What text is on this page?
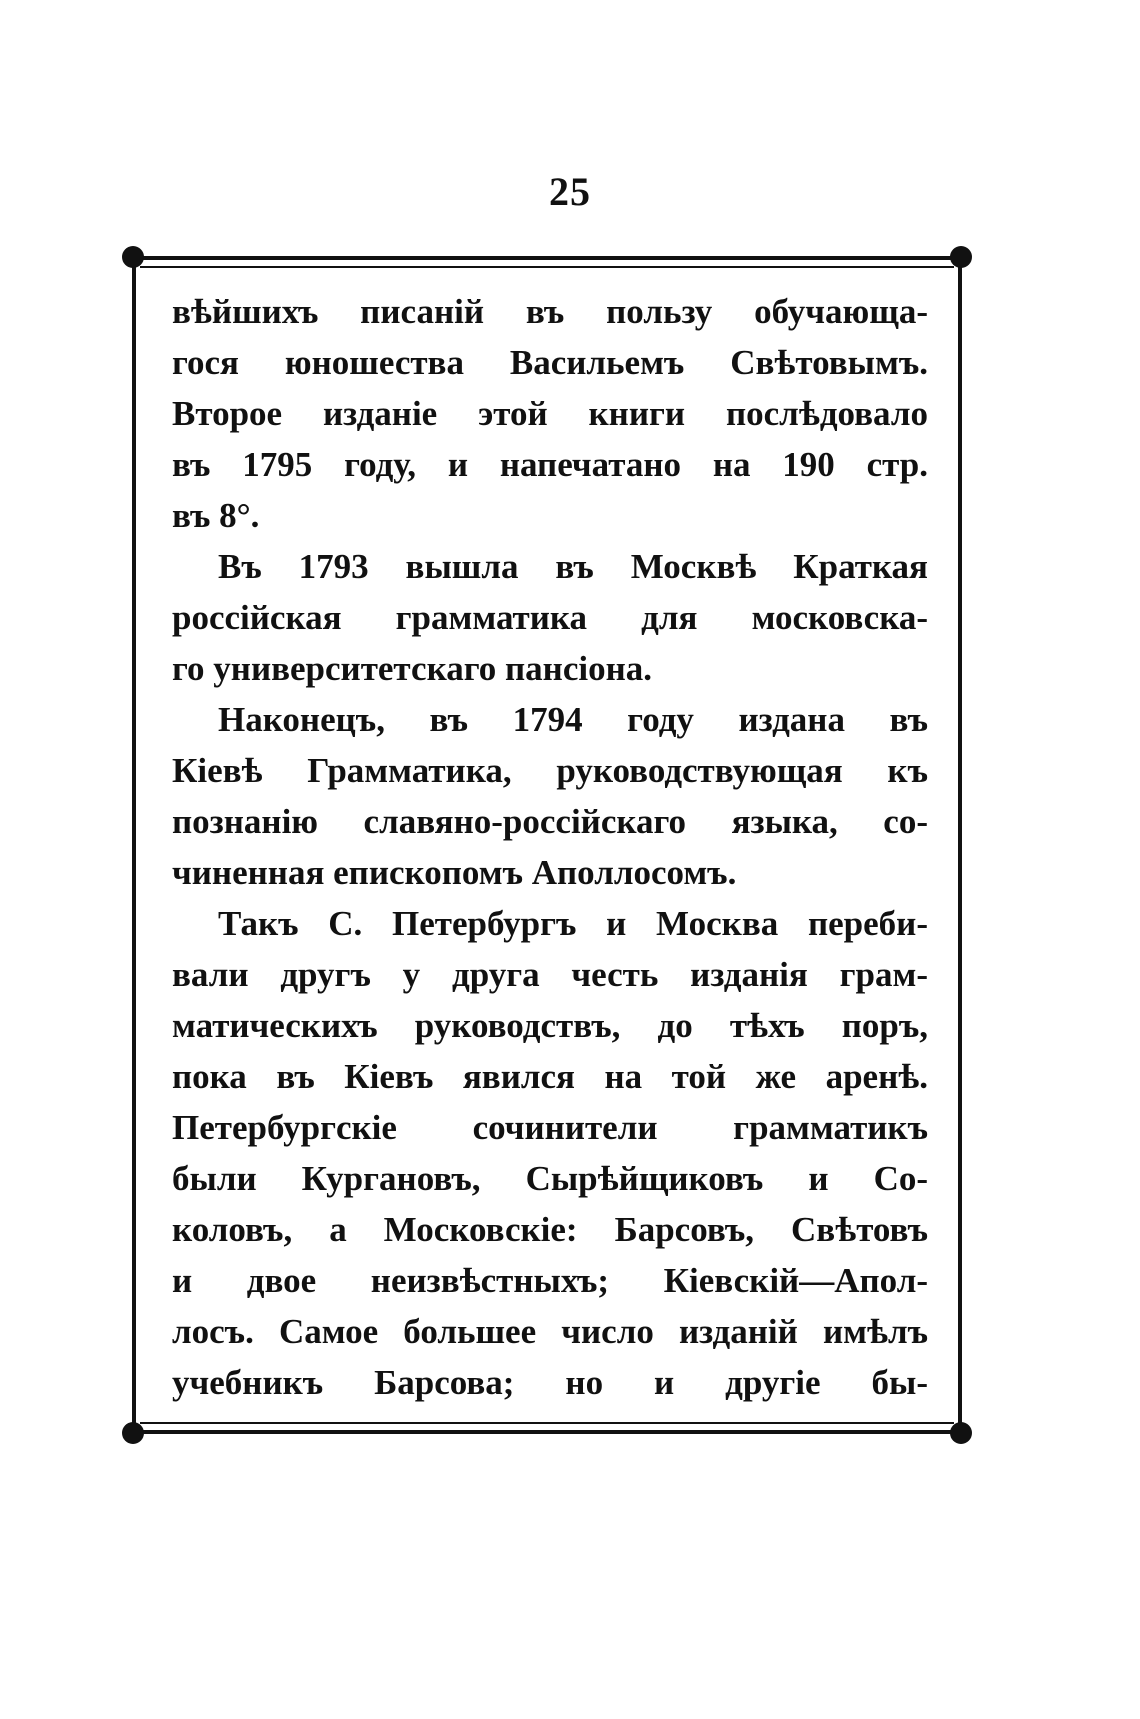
25
вѣйшихъ писаній въ пользу обучающа-
гося юношества Васильемъ Свѣтовымъ.
Второе изданіе этой книги послѣдовало
въ 1795 году, и напечатано на 190 стр.
въ 8°.
Въ 1793 вышла въ Москвѣ Краткая
россійская грамматика для московска-
го университетскаго пансіона.
Наконецъ, въ 1794 году издана въ
Кіевѣ Грамматика, руководствующая къ
познанію славяно-россійскаго языка, со-
чиненная епископомъ Аполлосомъ.
Такъ С. Петербургъ и Москва переби-
вали другъ у друга честь изданія грам-
матическихъ руководствъ, до тѣхъ поръ,
пока въ Кіевъ явился на той же аренѣ.
Петербургскіе сочинители грамматикъ
были Кургановъ, Сырѣйщиковъ и Со-
коловъ, а Московскіе: Барсовъ, Свѣтовъ
и двое неизвѣстныхъ; Кіевскій—Апол-
лосъ. Самое большее число изданій имѣлъ
учебникъ Барсова; но и другіе бы-
